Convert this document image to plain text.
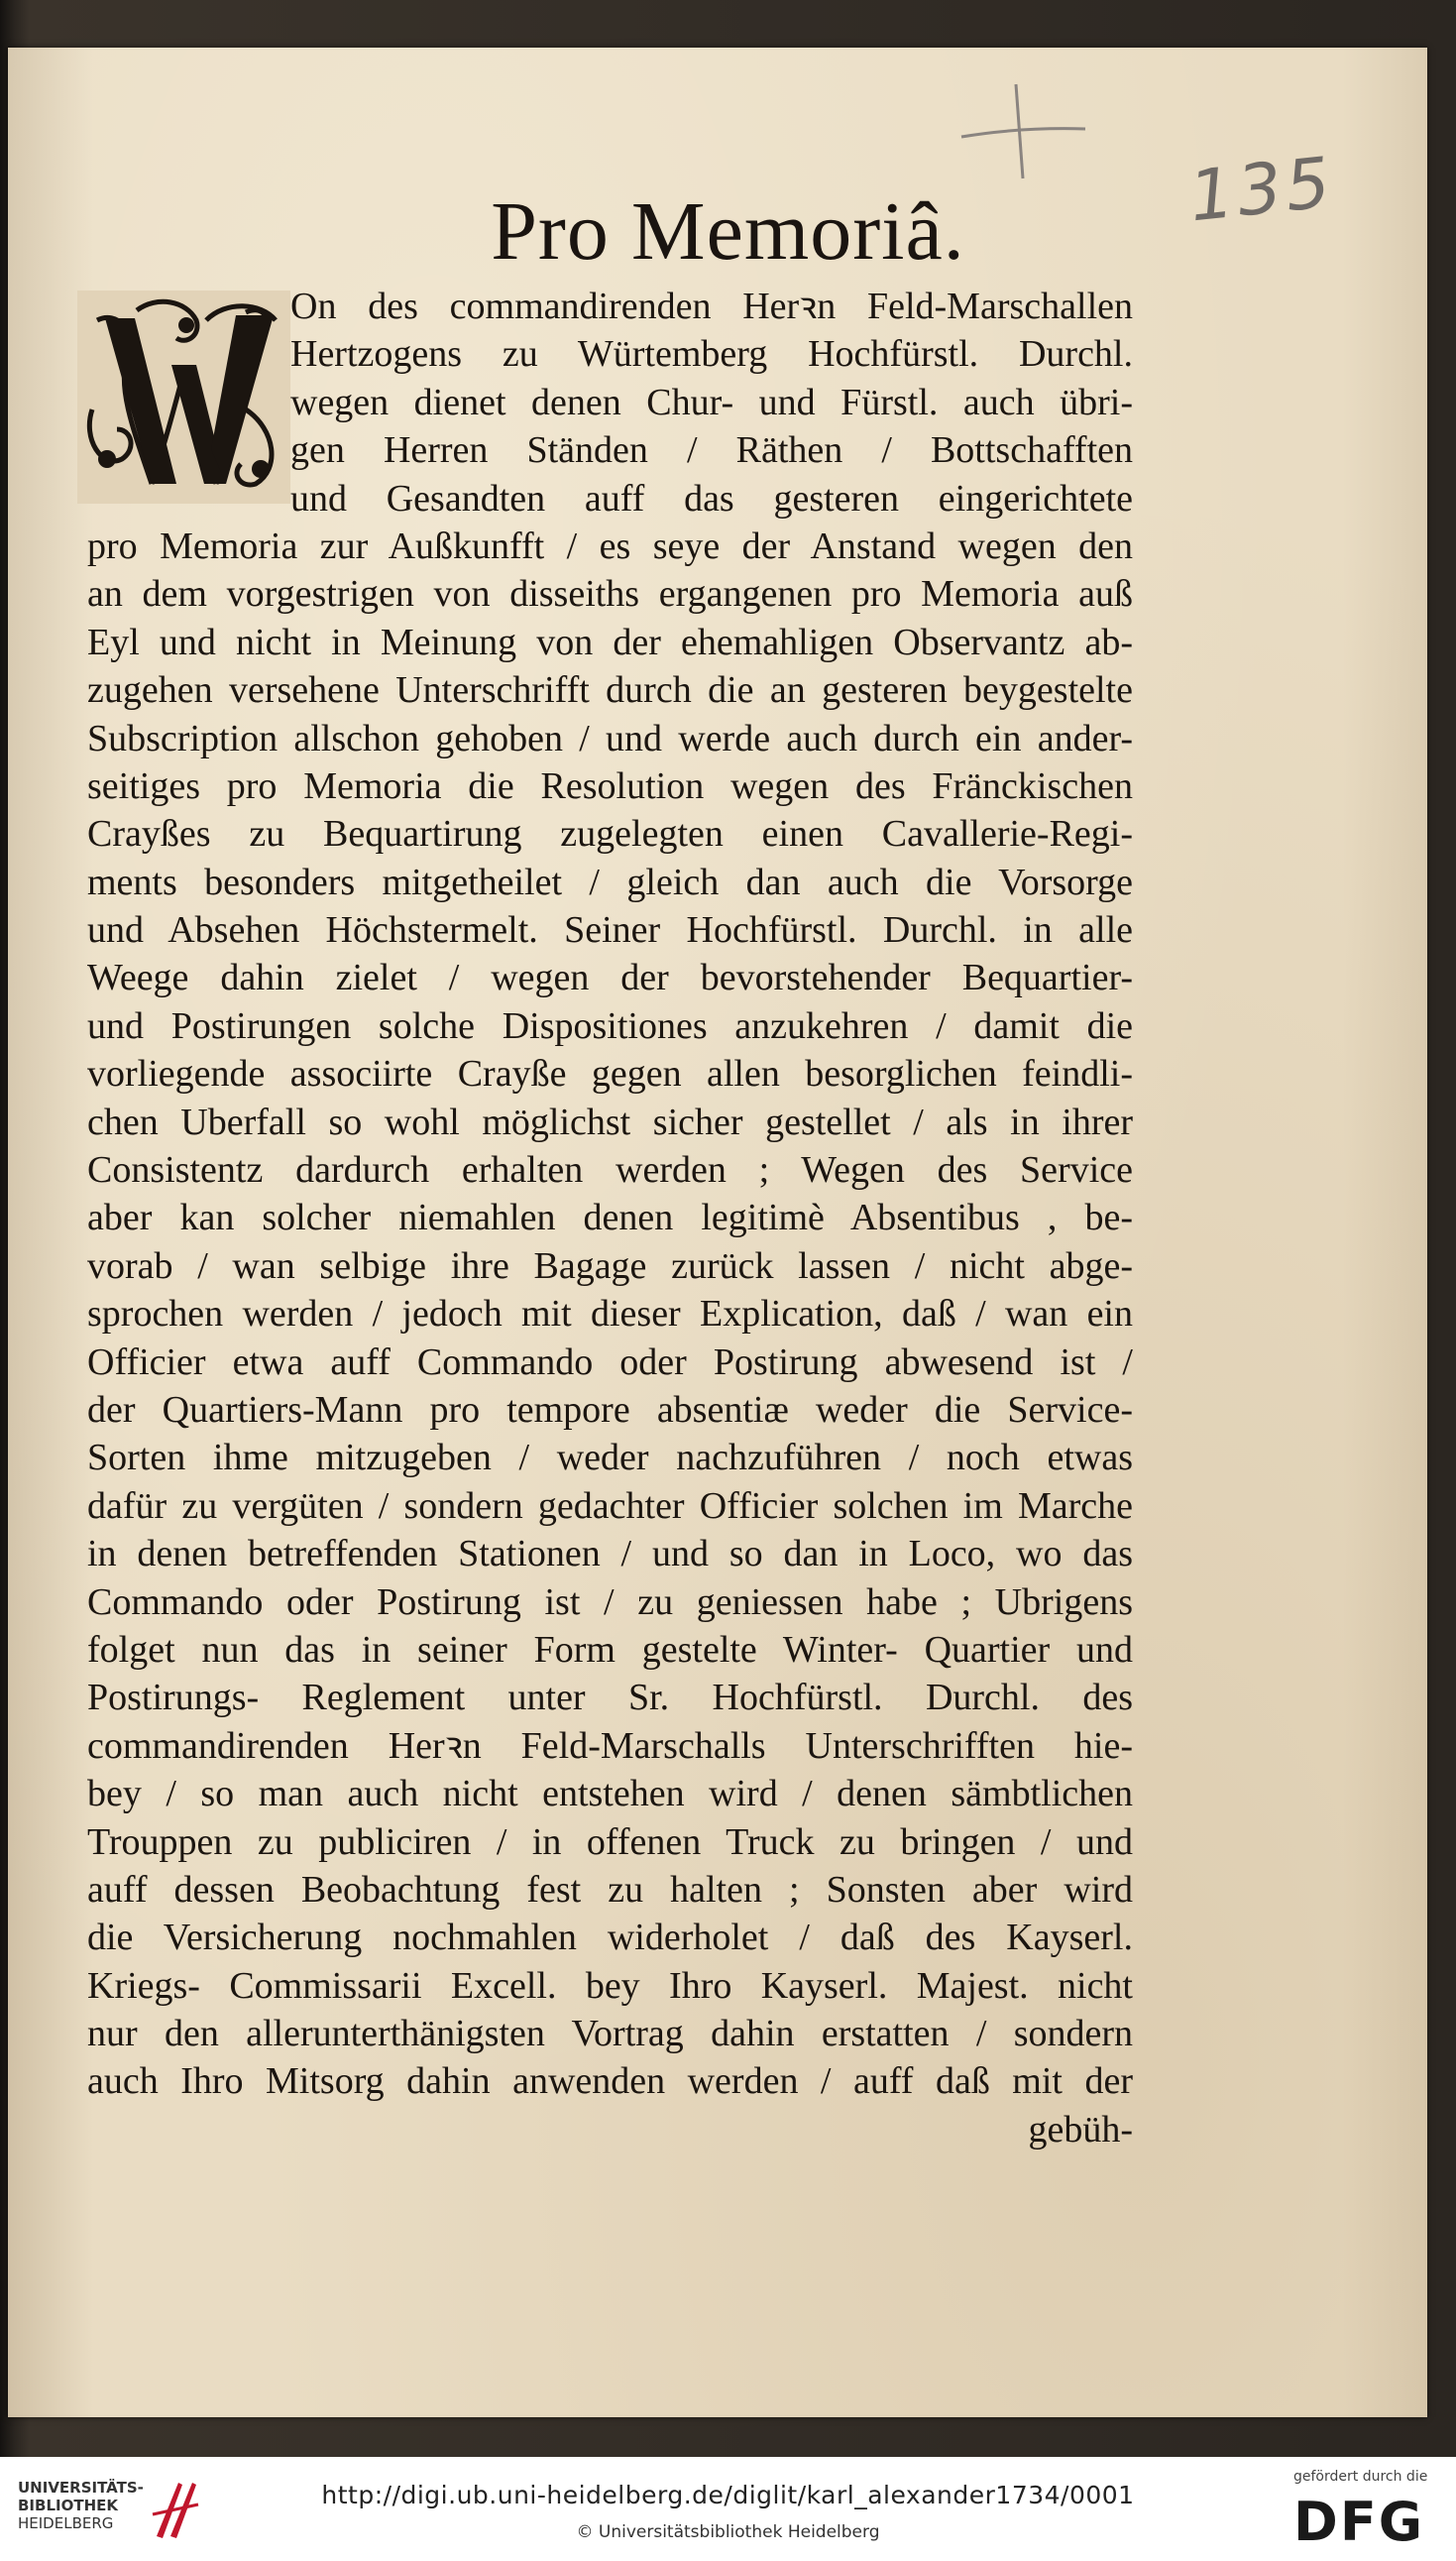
135
Pro Memoriâ.
On des commandirenden Herꝛn Feld-Marschallen
Hertzogens zu Würtemberg Hochfürstl. Durchl.
wegen dienet denen Chur- und Fürstl. auch übri-
gen Herren Ständen / Räthen / Bottschafften
und Gesandten auff das gesteren eingerichtete
pro Memoria zur Außkunfft / es seye der Anstand wegen den
an dem vorgestrigen von disseiths ergangenen pro Memoria auß
Eyl und nicht in Meinung von der ehemahligen Observantz ab-
zugehen versehene Unterschrifft durch die an gesteren beygestelte
Subscription allschon gehoben / und werde auch durch ein ander-
seitiges pro Memoria die Resolution wegen des Fränckischen
Crayßes zu Bequartirung zugelegten einen Cavallerie-Regi-
ments besonders mitgetheilet / gleich dan auch die Vorsorge
und Absehen Höchstermelt. Seiner Hochfürstl. Durchl. in alle
Weege dahin zielet / wegen der bevorstehender Bequartier-
und Postirungen solche Dispositiones anzukehren / damit die
vorliegende associirte Crayße gegen allen besorglichen feindli-
chen Uberfall so wohl möglichst sicher gestellet / als in ihrer
Consistentz dardurch erhalten werden ; Wegen des Service
aber kan solcher niemahlen denen legitimè Absentibus , be-
vorab / wan selbige ihre Bagage zurück lassen / nicht abge-
sprochen werden / jedoch mit dieser Explication, daß / wan ein
Officier etwa auff Commando oder Postirung abwesend ist /
der Quartiers-Mann pro tempore absentiæ weder die Service-
Sorten ihme mitzugeben / weder nachzuführen / noch etwas
dafür zu vergüten / sondern gedachter Officier solchen im Marche
in denen betreffenden Stationen / und so dan in Loco, wo das
Commando oder Postirung ist / zu geniessen habe ; Ubrigens
folget nun das in seiner Form gestelte Winter- Quartier und
Postirungs- Reglement unter Sr. Hochfürstl. Durchl. des
commandirenden Herꝛn Feld-Marschalls Unterschrifften hie-
bey / so man auch nicht entstehen wird / denen sämbtlichen
Trouppen zu publiciren / in offenen Truck zu bringen / und
auff dessen Beobachtung fest zu halten ; Sonsten aber wird
die Versicherung nochmahlen widerholet / daß des Kayserl.
Kriegs- Commissarii Excell. bey Ihro Kayserl. Majest. nicht
nur den allerunterthänigsten Vortrag dahin erstatten / sondern
auch Ihro Mitsorg dahin anwenden werden / auff daß mit der
gebüh-
UNIVERSITÄTS-
BIBLIOTHEK
HEIDELBERG
http://digi.ub.uni-heidelberg.de/diglit/karl_alexander1734/0001
© Universitätsbibliothek Heidelberg
gefördert durch die
DFG
